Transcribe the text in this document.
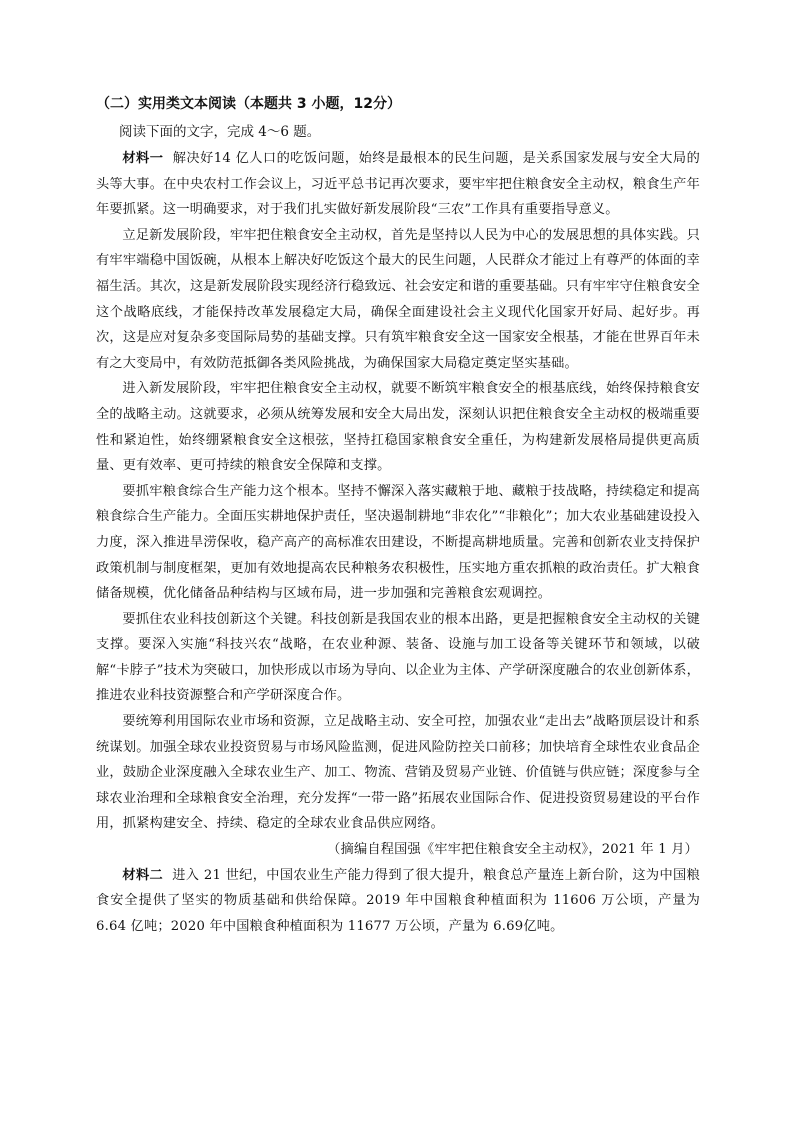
（二）实用类文本阅读（本题共 3 小题，12分）
阅读下面的文字，完成 4～6 题。

材料一 解决好14 亿人口的吃饭问题，始终是最根本的民生问题，是关系国家发展与安全大局的头等大事。在中央农村工作会议上，习近平总书记再次要求，要牢牢把住粮食安全主动权，粮食生产年年要抓紧。这一明确要求，对于我们扎实做好新发展阶段“三农”工作具有重要指导意义。

立足新发展阶段，牢牢把住粮食安全主动权，首先是坚持以人民为中心的发展思想的具体实践。只有牢牢端稳中国饭碗，从根本上解决好吃饭这个最大的民生问题，人民群众才能过上有尊严的体面的幸福生活。其次，这是新发展阶段实现经济行稳致远、社会安定和谐的重要基础。只有牢牢守住粮食安全这个战略底线，才能保持改革发展稳定大局，确保全面建设社会主义现代化国家开好局、起好步。再次，这是应对复杂多变国际局势的基础支撑。只有筑牢粮食安全这一国家安全根基，才能在世界百年未有之大变局中，有效防范抵御各类风险挑战，为确保国家大局稳定奠定坚实基础。

进入新发展阶段，牢牢把住粮食安全主动权，就要不断筑牢粮食安全的根基底线，始终保持粮食安全的战略主动。这就要求，必须从统筹发展和安全大局出发，深刻认识把住粮食安全主动权的极端重要性和紧迫性，始终绷紧粮食安全这根弦，坚持扛稳国家粮食安全重任，为构建新发展格局提供更高质量、更有效率、更可持续的粮食安全保障和支撑。

要抓牢粮食综合生产能力这个根本。坚持不懈深入落实藏粮于地、藏粮于技战略，持续稳定和提高粮食综合生产能力。全面压实耕地保护责任，坚决遏制耕地“非农化”“非粮化”；加大农业基础建设投入力度，深入推进旱涝保收，稳产高产的高标准农田建设，不断提高耕地质量。完善和创新农业支持保护政策机制与制度框架，更加有效地提高农民种粮务农积极性，压实地方重农抓粮的政治责任。扩大粮食储备规模，优化储备品种结构与区域布局，进一步加强和完善粮食宏观调控。

要抓住农业科技创新这个关键。科技创新是我国农业的根本出路，更是把握粮食安全主动权的关键支撑。要深入实施“科技兴农“战略，在农业种源、装备、设施与加工设备等关键环节和领域，以破解“卡脖子”技术为突破口，加快形成以市场为导向、以企业为主体、产学研深度融合的农业创新体系，推进农业科技资源整合和产学研深度合作。

要统筹利用国际农业市场和资源，立足战略主动、安全可控，加强农业“走出去”战略顶层设计和系统谋划。加强全球农业投资贸易与市场风险监测，促进风险防控关口前移；加快培育全球性农业食品企业，鼓励企业深度融入全球农业生产、加工、物流、营销及贸易产业链、价值链与供应链；深度参与全球农业治理和全球粮食安全治理，充分发挥“一带一路”拓展农业国际合作、促进投资贸易建设的平台作用，抓紧构建安全、持续、稳定的全球农业食品供应网络。

（摘编自程国强《牢牢把住粮食安全主动权》，2021 年 1 月）

材料二 进入 21 世纪，中国农业生产能力得到了很大提升，粮食总产量连上新台阶，这为中国粮食安全提供了坚实的物质基础和供给保障。2019 年中国粮食种植面积为 11606 万公顷，产量为 6.64 亿吨；2020 年中国粮食种植面积为 11677 万公顷，产量为 6.69亿吨。
